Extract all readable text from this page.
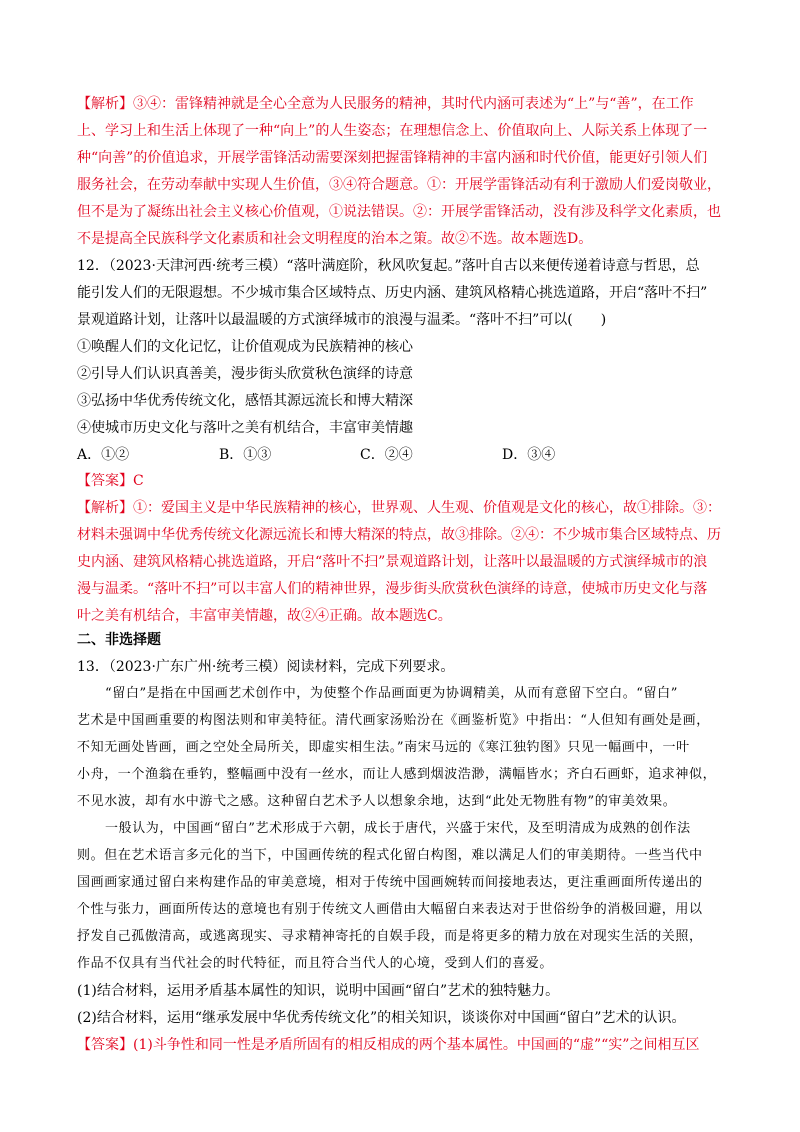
【解析】③④：雷锋精神就是全心全意为人民服务的精神，其时代内涵可表述为“上”与“善”，在工作
上、学习上和生活上体现了一种“向上”的人生姿态；在理想信念上、价值取向上、人际关系上体现了一
种“向善”的价值追求，开展学雷锋活动需要深刻把握雷锋精神的丰富内涵和时代价值，能更好引领人们
服务社会，在劳动奉献中实现人生价值，③④符合题意。①：开展学雷锋活动有利于激励人们爱岗敬业，
但不是为了凝练出社会主义核心价值观，①说法错误。②：开展学雷锋活动，没有涉及科学文化素质，也
不是提高全民族科学文化素质和社会文明程度的治本之策。故②不选。故本题选D。
12．（2023·天津河西·统考三模）“落叶满庭阶，秋风吹复起。”落叶自古以来便传递着诗意与哲思，总
能引发人们的无限遐想。不少城市集合区域特点、历史内涵、建筑风格精心挑选道路，开启“落叶不扫”
景观道路计划，让落叶以最温暖的方式演绎城市的浪漫与温柔。“落叶不扫”可以(　　)
①唤醒人们的文化记忆，让价值观成为民族精神的核心
②引导人们认识真善美，漫步街头欣赏秋色演绎的诗意
③弘扬中华优秀传统文化，感悟其源远流长和博大精深
④使城市历史文化与落叶之美有机结合，丰富审美情趣
A．①②	B．①③	C．②④	D．③④
【答案】C
【解析】①：爱国主义是中华民族精神的核心，世界观、人生观、价值观是文化的核心，故①排除。③：
材料未强调中华优秀传统文化源远流长和博大精深的特点，故③排除。②④：不少城市集合区域特点、历
史内涵、建筑风格精心挑选道路，开启“落叶不扫”景观道路计划，让落叶以最温暖的方式演绎城市的浪
漫与温柔。“落叶不扫”可以丰富人们的精神世界，漫步街头欣赏秋色演绎的诗意，使城市历史文化与落
叶之美有机结合，丰富审美情趣，故②④正确。故本题选C。
二、非选择题
13．（2023·广东广州·统考三模）阅读材料，完成下列要求。
“留白”是指在中国画艺术创作中，为使整个作品画面更为协调精美，从而有意留下空白。“留白”
艺术是中国画重要的构图法则和审美特征。清代画家汤贻汾在《画鉴析览》中指出：“人但知有画处是画，
不知无画处皆画，画之空处全局所关，即虚实相生法。”南宋马远的《寒江独钓图》只见一幅画中，一叶
小舟，一个渔翁在垂钓，整幅画中没有一丝水，而让人感到烟波浩渺，满幅皆水；齐白石画虾，追求神似，
不见水波，却有水中游弋之感。这种留白艺术予人以想象余地，达到“此处无物胜有物”的审美效果。
一般认为，中国画“留白”艺术形成于六朝，成长于唐代，兴盛于宋代，及至明清成为成熟的创作法
则。但在艺术语言多元化的当下，中国画传统的程式化留白构图，难以满足人们的审美期待。一些当代中
国画画家通过留白来构建作品的审美意境，相对于传统中国画婉转而间接地表达，更注重画面所传递出的
个性与张力，画面所传达的意境也有别于传统文人画借由大幅留白来表达对于世俗纷争的消极回避，用以
抒发自己孤傲清高，或逃离现实、寻求精神寄托的自娱手段，而是将更多的精力放在对现实生活的关照，
作品不仅具有当代社会的时代特征，而且符合当代人的心境，受到人们的喜爱。
(1)结合材料，运用矛盾基本属性的知识，说明中国画“留白”艺术的独特魅力。
(2)结合材料，运用“继承发展中华优秀传统文化”的相关知识，谈谈你对中国画“留白”艺术的认识。
【答案】(1)斗争性和同一性是矛盾所固有的相反相成的两个基本属性。中国画的“虚”“实”之间相互区
